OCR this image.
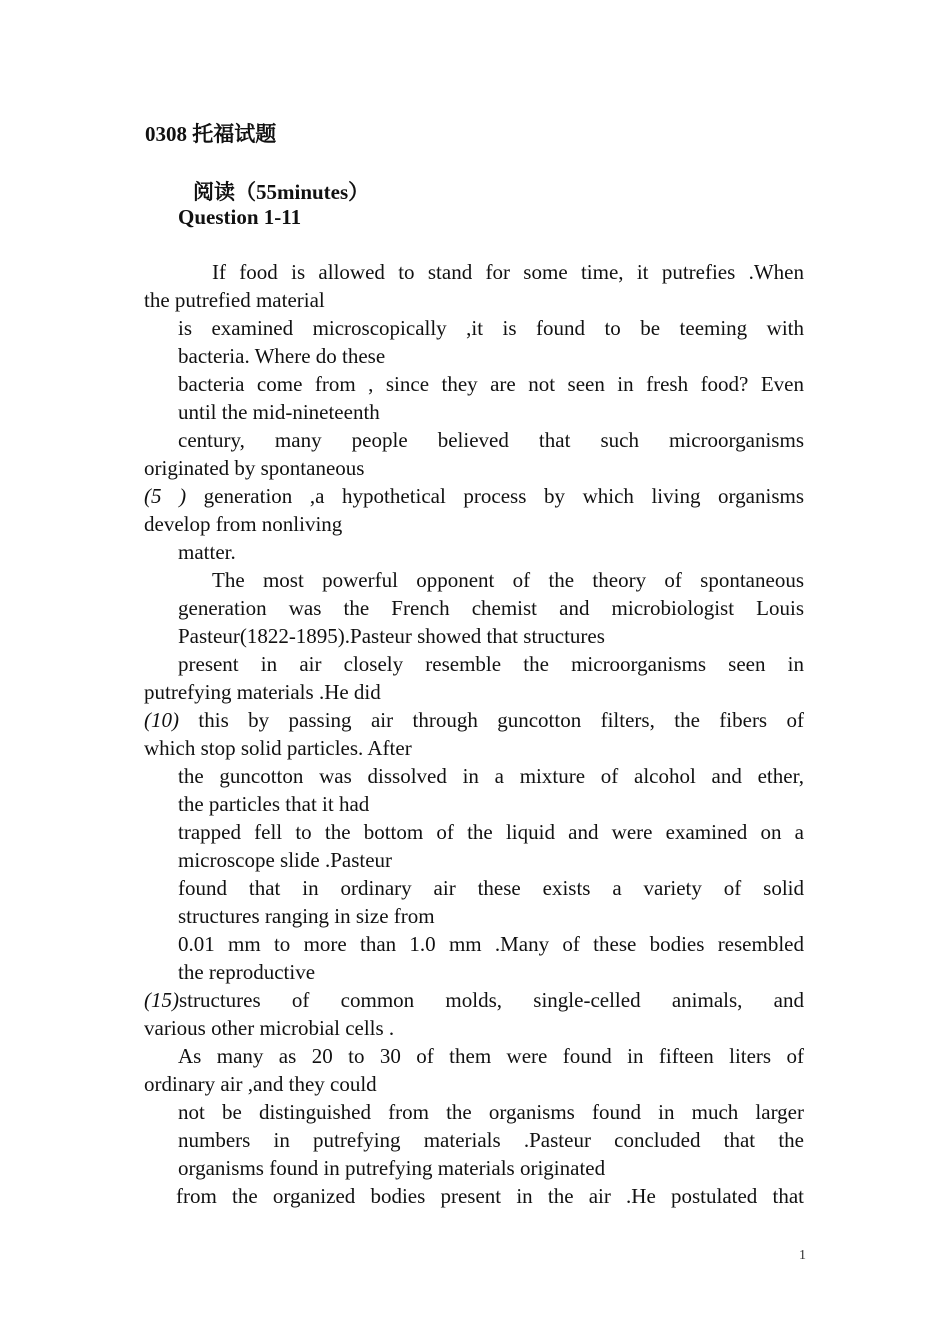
0308 托福试题
阅读（55minutes）
Question 1-11
If food is allowed to stand for some time, it putrefies .When
the putrefied material
is examined microscopically ,it is found to be teeming with
bacteria. Where do these
bacteria come from , since they are not seen in fresh food? Even
until the mid-nineteenth
century, many people believed that such microorganisms
originated by spontaneous
(5 ) generation ,a hypothetical process by which living organisms
develop from nonliving
matter.
The most powerful opponent of the theory of spontaneous
generation was the French chemist and microbiologist Louis
Pasteur(1822-1895).Pasteur showed that structures
present in air closely resemble the microorganisms seen in
putrefying materials .He did
(10) this by passing air through guncotton filters, the fibers of
which stop solid particles. After
the guncotton was dissolved in a mixture of alcohol and ether,
the particles that it had
trapped fell to the bottom of the liquid and were examined on a
microscope slide .Pasteur
found that in ordinary air these exists a variety of solid
structures ranging in size from
0.01 mm to more than 1.0 mm .Many of these bodies resembled
the reproductive
(15)structures of common molds, single-celled animals, and
various other microbial cells .
As many as 20 to 30 of them were found in fifteen liters of
ordinary air ,and they could
not be distinguished from the organisms found in much larger
numbers in putrefying materials .Pasteur concluded that the
organisms found in putrefying materials originated
from the organized bodies present in the air .He postulated that
1
